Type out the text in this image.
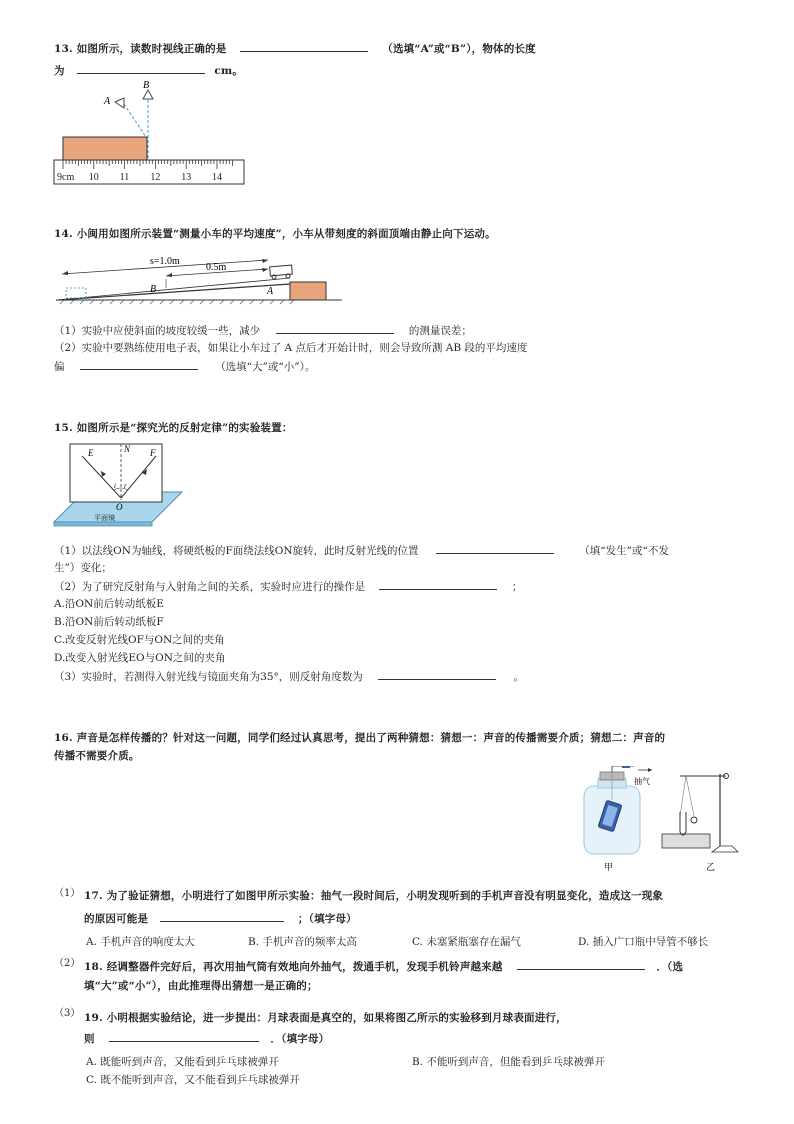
13. 如图所示，读数时视线正确的是	（选填“A”或“B”），物体的长度
为	cm。
A
B
9cm 10 11 12 13 14
14. 小闽用如图所示装置“测量小车的平均速度”，小车从带刻度的斜面顶端由静止向下运动。
s=1.0m
0.5m
B	A
（1）实验中应使斜面的坡度较缓一些，减少	的测量误差；
（2）实验中要熟练使用电子表，如果让小车过了 A 点后才开始计时，则会导致所测 AB 段的平均速度
偏	（选填“大”或“小”）。
15. 如图所示是“探究光的反射定律”的实验装置：
平面镜
E	N F
O
i r
（1）以法线ON为轴线，将硬纸板的F面绕法线ON旋转，此时反射光线的位置	（填“发生”或“不发
生”）变化；
（2）为了研究反射角与入射角之间的关系，实验时应进行的操作是	；
A.沿ON前后转动纸板E
B.沿ON前后转动纸板F
C.改变反射光线OF与ON之间的夹角
D.改变入射光线EO与ON之间的夹角
（3）实验时，若测得入射光线与镜面夹角为35°，则反射角度数为	。
16. 声音是怎样传播的？针对这一问题，同学们经过认真思考，提出了两种猜想：猜想一：声音的传播需要介质；猜想二：声音的
传播不需要介质。
抽气
甲	乙
（1） 17. 为了验证猜想，小明进行了如图甲所示实验：抽气一段时间后，小明发现听到的手机声音没有明显变化，造成这一现象
的原因可能是	；（填字母）
A. 手机声音的响度太大	B. 手机声音的频率太高	C. 未塞紧瓶塞存在漏气	D. 插入广口瓶中导管不够长
（2） 18. 经调整器件完好后，再次用抽气筒有效地向外抽气，拨通手机，发现手机铃声越来越	．（选
填“大”或“小”），由此推理得出猜想一是正确的；
（3） 19. 小明根据实验结论，进一步提出：月球表面是真空的，如果将图乙所示的实验移到月球表面进行，
则	．（填字母）
A. 既能听到声音，又能看到乒乓球被弹开	B. 不能听到声音，但能看到乒乓球被弹开
C. 既不能听到声音，又不能看到乒乓球被弹开
